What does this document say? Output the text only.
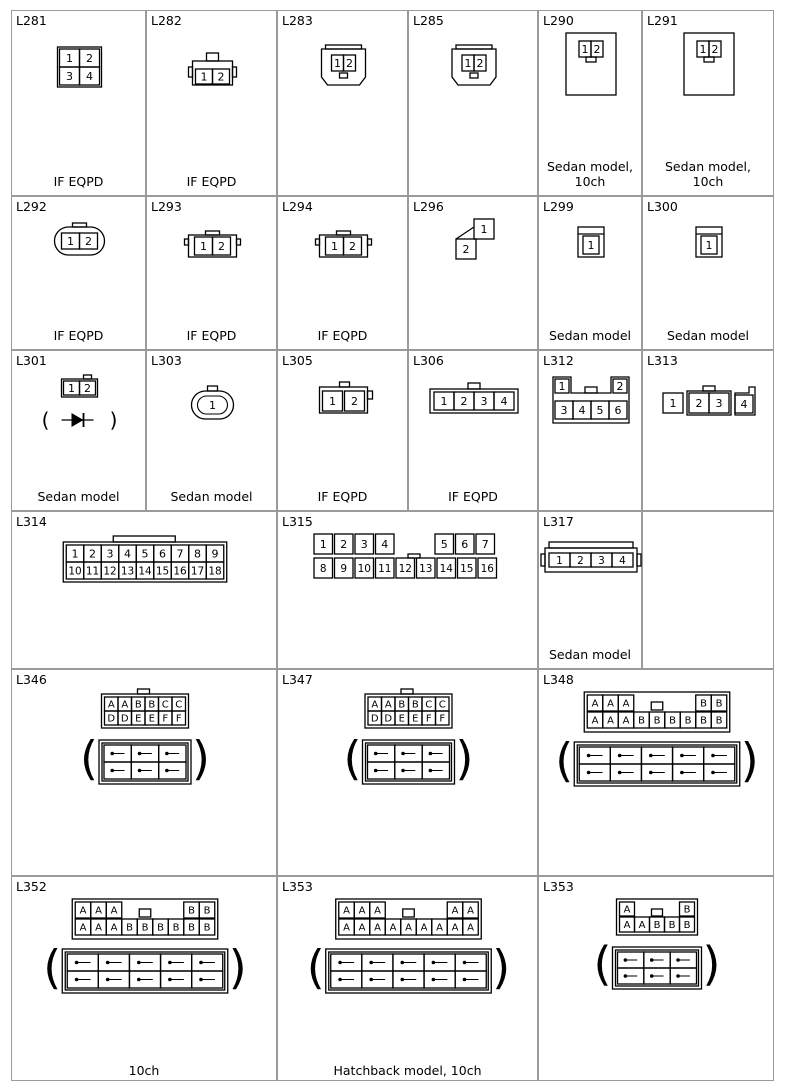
L281
1 2
3 4
IF EQPD
L282
1 2
IF EQPD
L283
1 2
L285
1 2
L290
1 2
Sedan model,
10ch
L291
1 2
Sedan model,
10ch
L292
1 2
IF EQPD
L293
1 2
IF EQPD
L294
1 2
IF EQPD
L296
1
2
L299
1
Sedan model
L300
1
Sedan model
L301
1 2
(	)
Sedan model
L303
1
Sedan model
L305
1 2
IF EQPD
L306
1 2 3 4
IF EQPD
L312
1	2
3 4 5 6
L313
1 2 3 4
L314
1 2 3 4 5 6 7 8 9
10 11 12 13 14 15 16 17 18
L315
1 2 3 4	5 6 7
8 9 10 11 12 13 14 15 16
L317
1 2 3 4
Sedan model
L346
A A B B C C
D D E E F F
( )
L347
A A B B C C
D D E E F F
( )
L348
A A A	B B
A A A B B B B B B
(	)
L352
A A A	B B
A A A B B B B B B
(	)
10ch
L353
A A A	A A
A A A A A A A A A
(	)
Hatchback model, 10ch
L353
A	B
A A B B B
( )
